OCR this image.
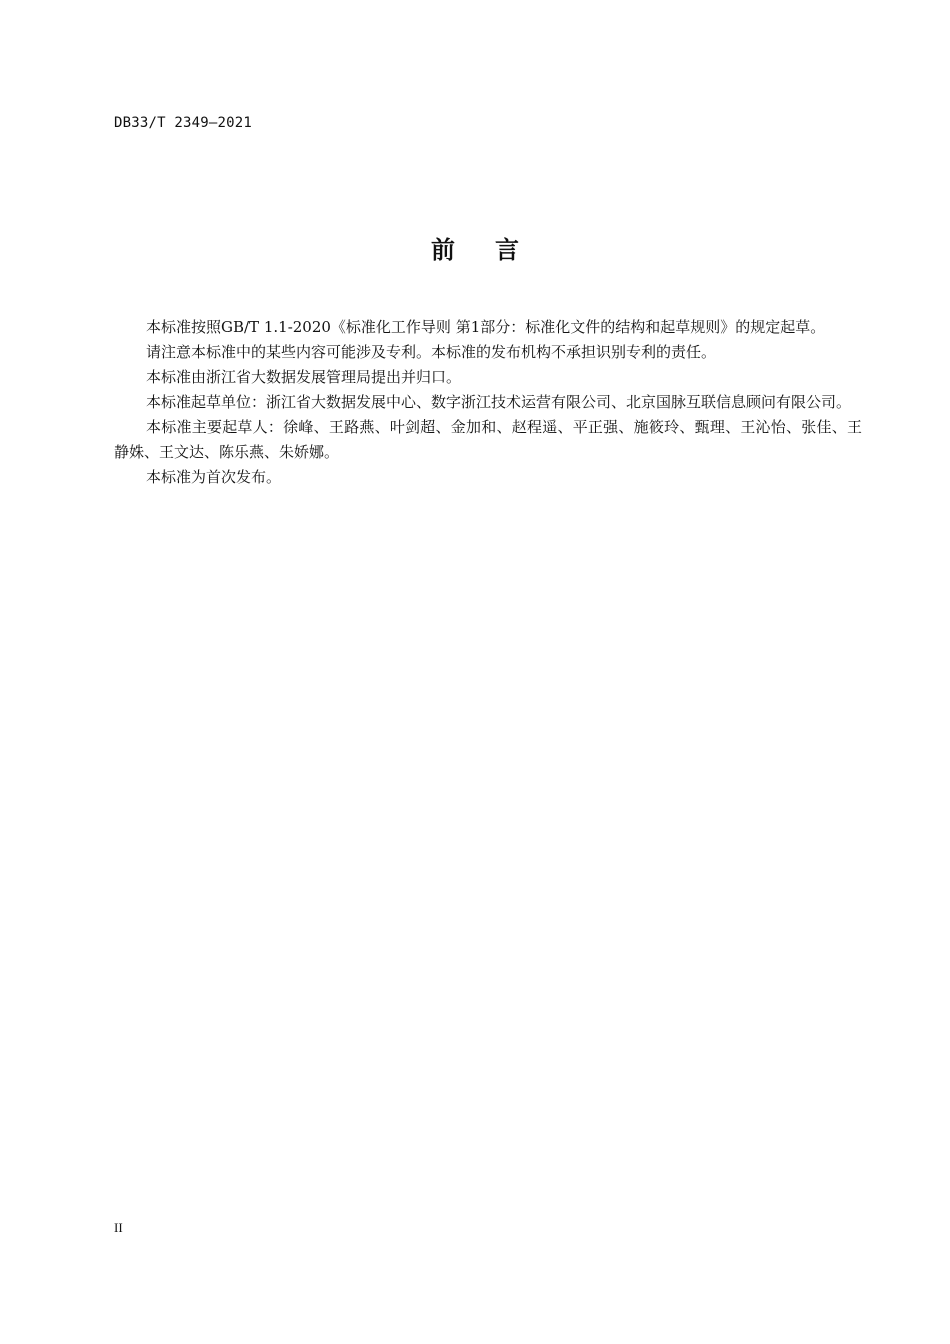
DB33/T 2349—2021
前言

本标准按照GB/T 1.1-2020《标准化工作导则 第1部分：标准化文件的结构和起草规则》的规定起草。

请注意本标准中的某些内容可能涉及专利。本标准的发布机构不承担识别专利的责任。

本标准由浙江省大数据发展管理局提出并归口。

本标准起草单位：浙江省大数据发展中心、数字浙江技术运营有限公司、北京国脉互联信息顾问有限公司。

本标准主要起草人：徐峰、王路燕、叶剑超、金加和、赵程遥、平正强、施筱玲、甄理、王沁怡、张佳、王静姝、王文达、陈乐燕、朱娇娜。

本标准为首次发布。

II
